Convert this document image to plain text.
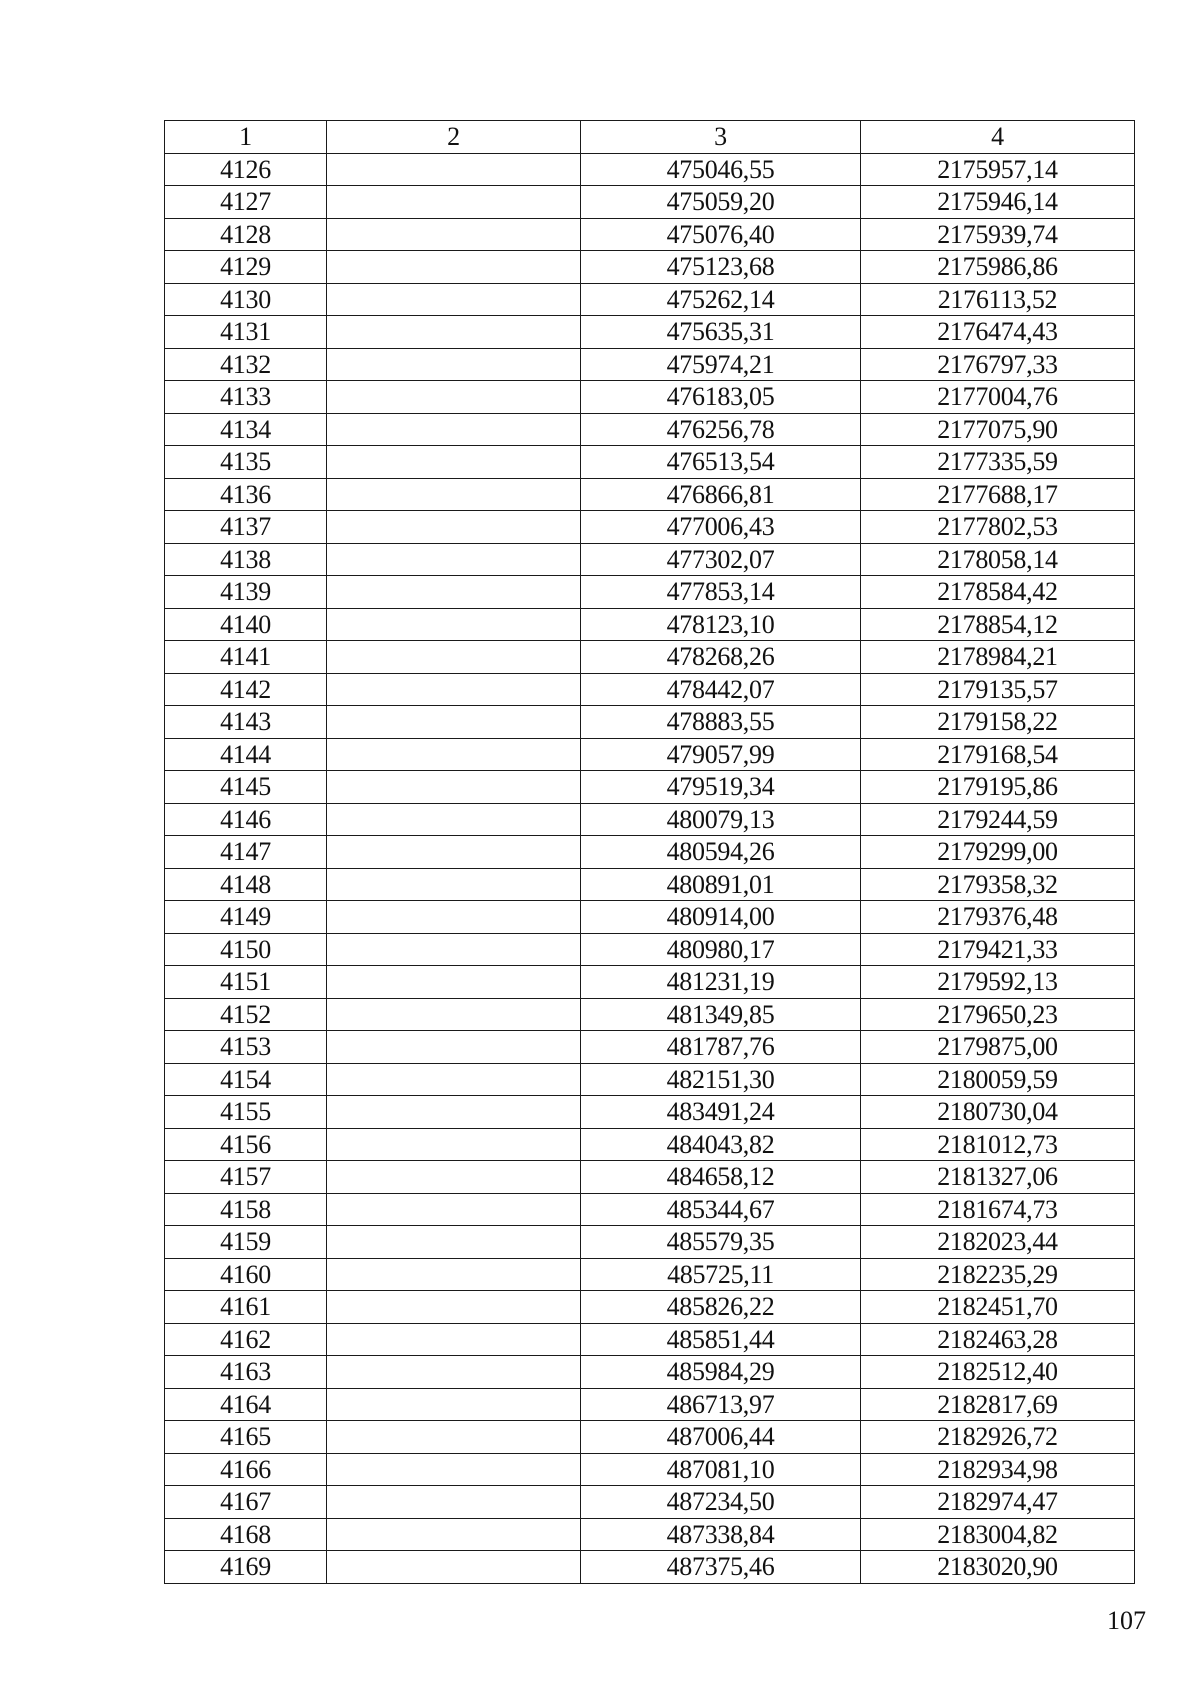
1	2	3	4
4126		475046,55	2175957,14
4127		475059,20	2175946,14
4128		475076,40	2175939,74
4129		475123,68	2175986,86
4130		475262,14	2176113,52
4131		475635,31	2176474,43
4132		475974,21	2176797,33
4133		476183,05	2177004,76
4134		476256,78	2177075,90
4135		476513,54	2177335,59
4136		476866,81	2177688,17
4137		477006,43	2177802,53
4138		477302,07	2178058,14
4139		477853,14	2178584,42
4140		478123,10	2178854,12
4141		478268,26	2178984,21
4142		478442,07	2179135,57
4143		478883,55	2179158,22
4144		479057,99	2179168,54
4145		479519,34	2179195,86
4146		480079,13	2179244,59
4147		480594,26	2179299,00
4148		480891,01	2179358,32
4149		480914,00	2179376,48
4150		480980,17	2179421,33
4151		481231,19	2179592,13
4152		481349,85	2179650,23
4153		481787,76	2179875,00
4154		482151,30	2180059,59
4155		483491,24	2180730,04
4156		484043,82	2181012,73
4157		484658,12	2181327,06
4158		485344,67	2181674,73
4159		485579,35	2182023,44
4160		485725,11	2182235,29
4161		485826,22	2182451,70
4162		485851,44	2182463,28
4163		485984,29	2182512,40
4164		486713,97	2182817,69
4165		487006,44	2182926,72
4166		487081,10	2182934,98
4167		487234,50	2182974,47
4168		487338,84	2183004,82
4169		487375,46	2183020,90
107
